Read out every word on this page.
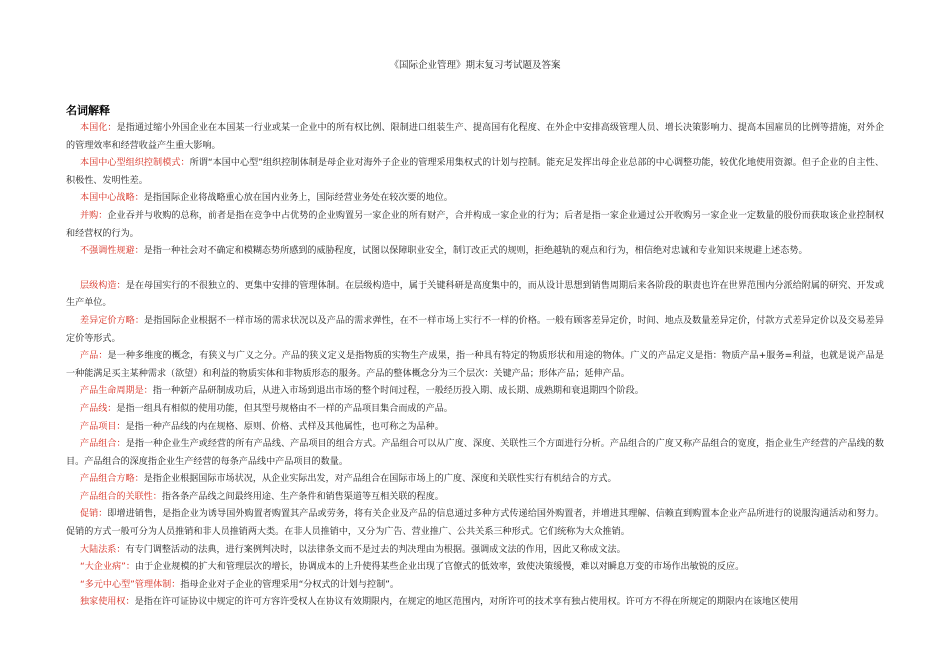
《国际企业管理》期末复习考试题及答案
名词解释

本国化：是指通过缩小外国企业在本国某一行业或某一企业中的所有权比例、限制进口组装生产、提高国有化程度、在外企中安排高级管理人员、增长决策影响力、提高本国雇员的比例等措施，对外企的管理效率和经营收益产生重大影响。

本国中心型组织控制模式：所谓“本国中心型”组织控制体制是母企业对海外子企业的管理采用集权式的计划与控制。能充足发挥出母企业总部的中心调整功能，较优化地使用资源。但子企业的自主性、积极性、发明性差。

本国中心战略：是指国际企业将战略重心放在国内业务上，国际经营业务处在较次要的地位。

并购：企业吞并与收购的总称，前者是指在竞争中占优势的企业购置另一家企业的所有财产，合并构成一家企业的行为；后者是指一家企业通过公开收购另一家企业一定数量的股份而获取该企业控制权和经营权的行为。

不强调性规避：是指一种社会对不确定和模糊态势所感到的威胁程度，试图以保障职业安全，制订改正式的规则，拒绝越轨的观点和行为，相信绝对忠诚和专业知识来规避上述态势。

层级构造：是在母国实行的不很独立的、更集中安排的管理体制。在层级构造中，属于关键科研是高度集中的，而从设计思想到销售周期后来各阶段的职责也许在世界范围内分派给附属的研究、开发或生产单位。

差异定价方略：是指国际企业根据不一样市场的需求状况以及产品的需求弹性，在不一样市场上实行不一样的价格。一般有顾客差异定价，时间、地点及数量差异定价，付款方式差异定价以及交易差异定价等形式。

产品：是一种多维度的概念，有狭义与广义之分。产品的狭义定义是指物质的实物生产成果，指一种具有特定的物质形状和用途的物体。广义的产品定义是指：物质产品+服务=利益，也就是说产品是一种能满足买主某种需求（欲望）和利益的物质实体和非物质形态的服务。产品的整体概念分为三个层次：关键产品；形体产品；延伸产品。

产品生命周期是：指一种新产品研制成功后，从进入市场到退出市场的整个时间过程，一般经历投入期、成长期、成熟期和衰退期四个阶段。

产品线：是指一组具有相似的使用功能，但其型号规格由不一样的产品项目集合而成的产品。

产品项目：是指一种产品线的内在规格、原则、价格、式样及其他属性，也可称之为品种。

产品组合：是指一种企业生产或经营的所有产品线、产品项目的组合方式。产品组合可以从广度、深度、关联性三个方面进行分析。产品组合的广度又称产品组合的宽度，指企业生产经营的产品线的数目。产品组合的深度指企业生产经营的每条产品线中产品项目的数量。

产品组合方略：是指企业根据国际市场状况，从企业实际出发，对产品组合在国际市场上的广度、深度和关联性实行有机结合的方式。

产品组合的关联性：指各条产品线之间最终用途、生产条件和销售渠道等互相关联的程度。

促销：即增进销售，是指企业为诱导国外购置者购置其产品或劳务，将有关企业及产品的信息通过多种方式传递给国外购置者，并增进其理解、信赖直到购置本企业产品所进行的说服沟通活动和努力。促销的方式一般可分为人员推销和非人员推销两大类。在非人员推销中，又分为广告、营业推广、公共关系三种形式。它们统称为大众推销。

大陆法系：有专门调整活动的法典，进行案例判决时，以法律条文而不是过去的判决理由为根据。强调成文法的作用，因此又称成文法。

“大企业病”：由于企业规模的扩大和管理层次的增长，协调成本的上升使得某些企业出现了官僚式的低效率，致使决策缓慢，难以对瞬息万变的市场作出敏锐的反应。

“多元中心型”管理体制：指母企业对子企业的管理采用“分权式的计划与控制”。

独家使用权：是指在许可证协议中规定的许可方容许受权人在协议有效期限内，在规定的地区范围内，对所许可的技术享有独占使用权。许可方不得在所规定的期限内在该地区使用
